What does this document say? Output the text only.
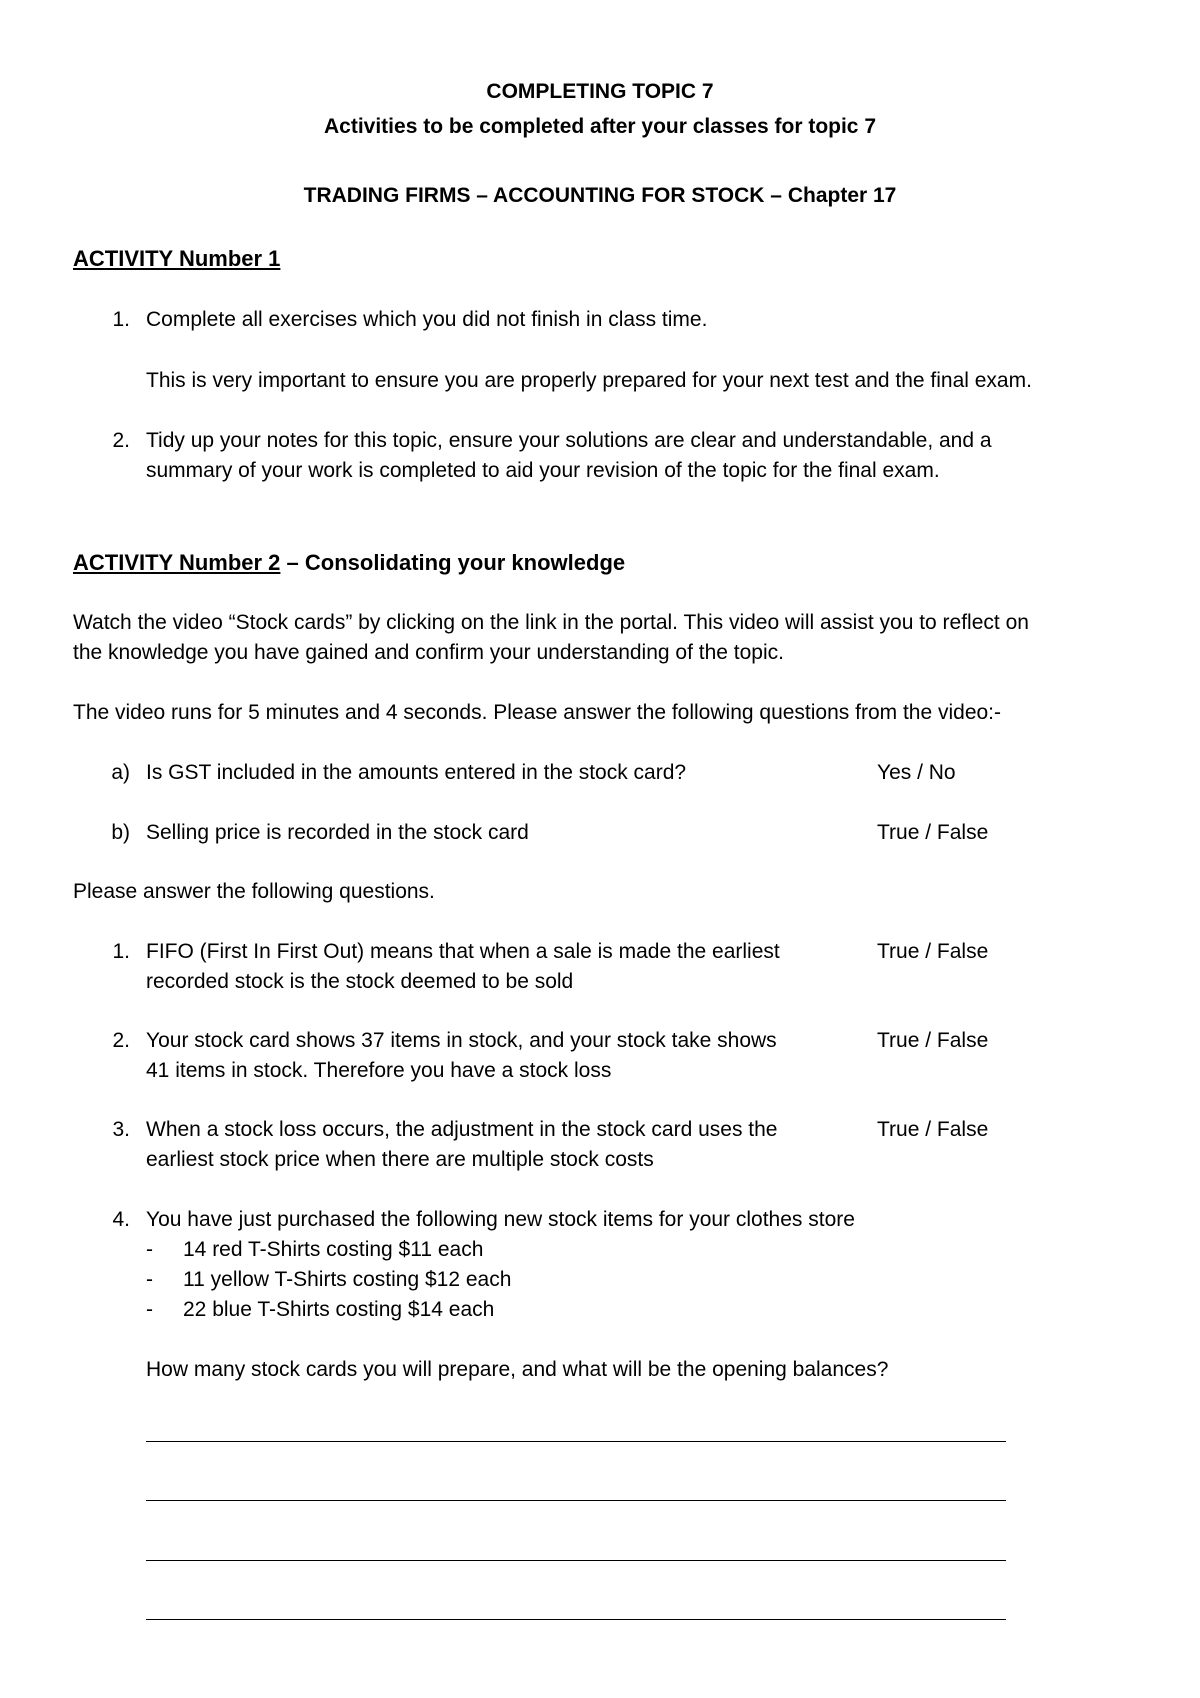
COMPLETING TOPIC 7
Activities to be completed after your classes for topic 7
TRADING FIRMS – ACCOUNTING FOR STOCK – Chapter 17
ACTIVITY Number 1
1. Complete all exercises which you did not finish in class time.
This is very important to ensure you are properly prepared for your next test and the final exam.
2. Tidy up your notes for this topic, ensure your solutions are clear and understandable, and a
summary of your work is completed to aid your revision of the topic for the final exam.
ACTIVITY Number 2 – Consolidating your knowledge
Watch the video “Stock cards” by clicking on the link in the portal. This video will assist you to reflect on
the knowledge you have gained and confirm your understanding of the topic.
The video runs for 5 minutes and 4 seconds. Please answer the following questions from the video:-
a) Is GST included in the amounts entered in the stock card?	Yes / No
b) Selling price is recorded in the stock card	True / False
Please answer the following questions.
1. FIFO (First In First Out) means that when a sale is made the earliest
recorded stock is the stock deemed to be sold
True / False
2. Your stock card shows 37 items in stock, and your stock take shows
41 items in stock. Therefore you have a stock loss
True / False
3. When a stock loss occurs, the adjustment in the stock card uses the
earliest stock price when there are multiple stock costs
True / False
4. You have just purchased the following new stock items for your clothes store
- 14 red T-Shirts costing $11 each
- 11 yellow T-Shirts costing $12 each
- 22 blue T-Shirts costing $14 each
How many stock cards you will prepare, and what will be the opening balances?
